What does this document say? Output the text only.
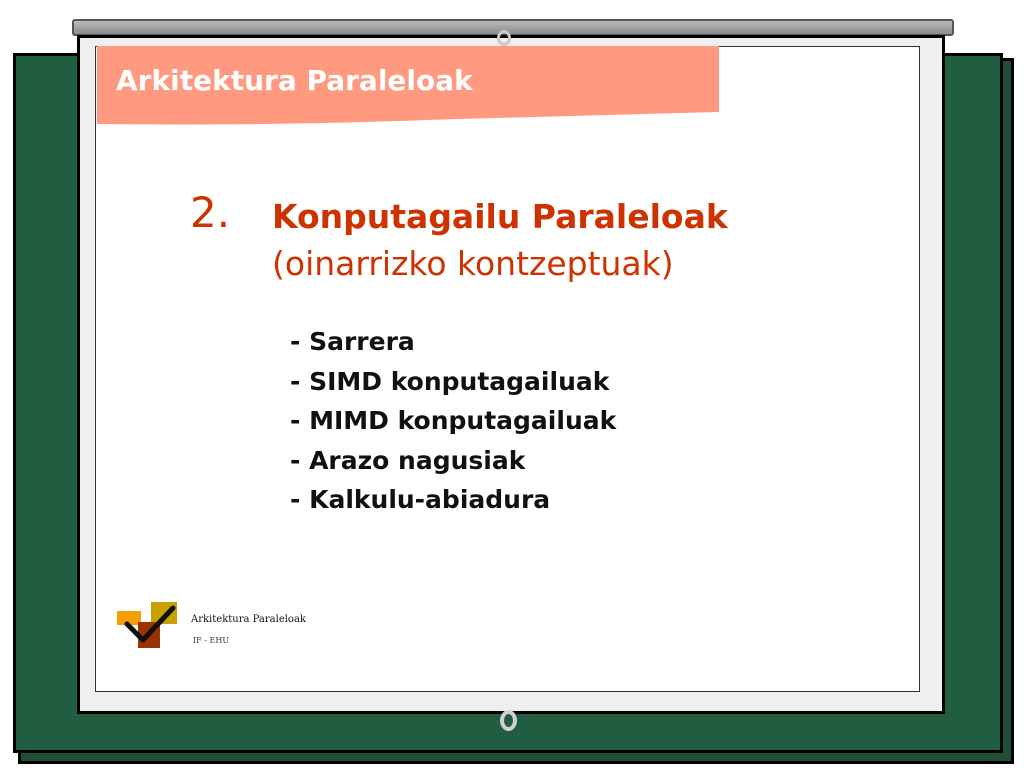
Arkitektura Paraleloak
2. Konputagailu Paraleloak
(oinarrizko kontzeptuak)
- Sarrera
- SIMD konputagailuak
- MIMD konputagailuak
- Arazo nagusiak
- Kalkulu-abiadura
Arkitektura Paraleloak
IF - EHU
